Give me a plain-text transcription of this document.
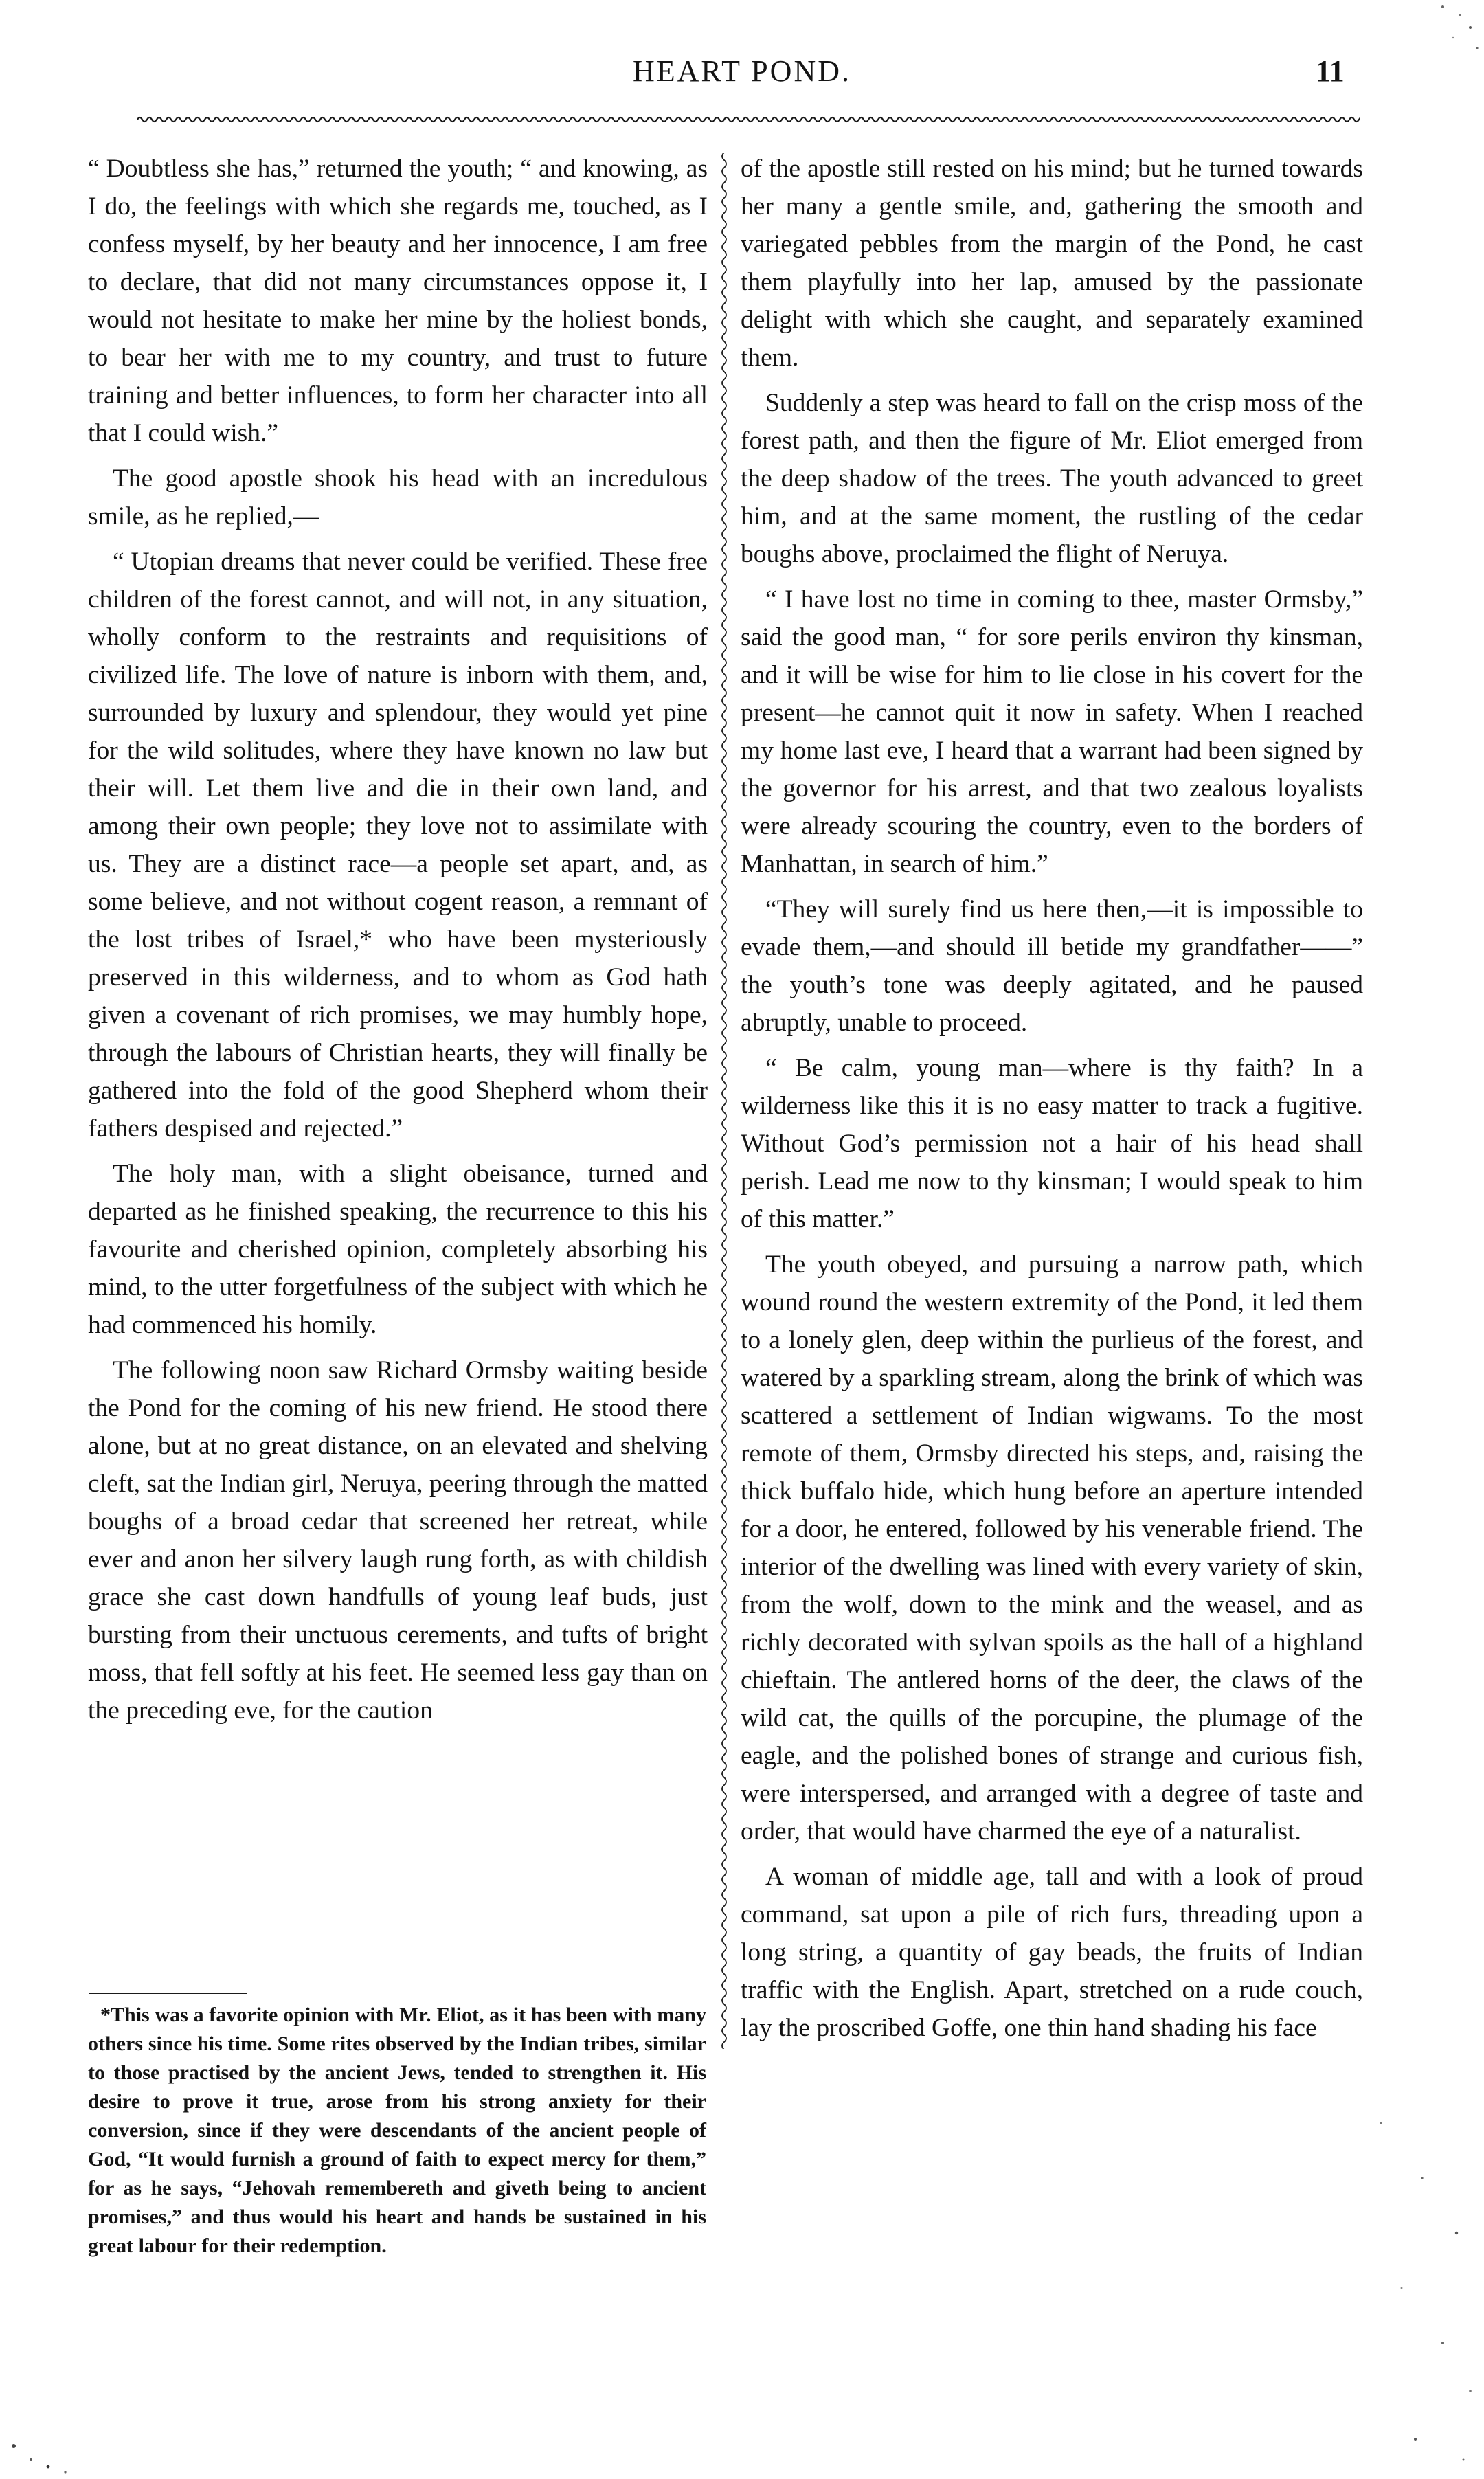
HEART POND.	11

“ Doubtless she has,” returned the youth; “ and knowing, as I do, the feelings with which she regards me, touched, as I confess myself, by her beauty and her innocence, I am free to declare, that did not many circumstances oppose it, I would not hesitate to make her mine by the holiest bonds, to bear her with me to my country, and trust to future training and better influences, to form her character into all that I could wish.”

The good apostle shook his head with an incredulous smile, as he replied,—

“ Utopian dreams that never could be verified. These free children of the forest cannot, and will not, in any situation, wholly conform to the restraints and requisitions of civilized life. The love of nature is inborn with them, and, surrounded by luxury and splendour, they would yet pine for the wild solitudes, where they have known no law but their will. Let them live and die in their own land, and among their own people; they love not to assimilate with us. They are a distinct race—a people set apart, and, as some believe, and not without cogent reason, a remnant of the lost tribes of Israel,* who have been mysteriously preserved in this wilderness, and to whom as God hath given a covenant of rich promises, we may humbly hope, through the labours of Christian hearts, they will finally be gathered into the fold of the good Shepherd whom their fathers despised and rejected.”

The holy man, with a slight obeisance, turned and departed as he finished speaking, the recurrence to this his favourite and cherished opinion, completely absorbing his mind, to the utter forgetfulness of the subject with which he had commenced his homily.

The following noon saw Richard Ormsby waiting beside the Pond for the coming of his new friend. He stood there alone, but at no great distance, on an elevated and shelving cleft, sat the Indian girl, Neruya, peering through the matted boughs of a broad cedar that screened her retreat, while ever and anon her silvery laugh rung forth, as with childish grace she cast down handfulls of young leaf buds, just bursting from their unctuous cerements, and tufts of bright moss, that fell softly at his feet. He seemed less gay than on the preceding eve, for the caution

of the apostle still rested on his mind; but he turned towards her many a gentle smile, and, gathering the smooth and variegated pebbles from the margin of the Pond, he cast them playfully into her lap, amused by the passionate delight with which she caught, and separately examined them.

Suddenly a step was heard to fall on the crisp moss of the forest path, and then the figure of Mr. Eliot emerged from the deep shadow of the trees. The youth advanced to greet him, and at the same moment, the rustling of the cedar boughs above, proclaimed the flight of Neruya.

“ I have lost no time in coming to thee, master Ormsby,” said the good man, “ for sore perils environ thy kinsman, and it will be wise for him to lie close in his covert for the present—he cannot quit it now in safety. When I reached my home last eve, I heard that a warrant had been signed by the governor for his arrest, and that two zealous loyalists were already scouring the country, even to the borders of Manhattan, in search of him.”

“They will surely find us here then,—it is impossible to evade them,—and should ill betide my grandfather——” the youth’s tone was deeply agitated, and he paused abruptly, unable to proceed.

“ Be calm, young man—where is thy faith? In a wilderness like this it is no easy matter to track a fugitive. Without God’s permission not a hair of his head shall perish. Lead me now to thy kinsman; I would speak to him of this matter.”

The youth obeyed, and pursuing a narrow path, which wound round the western extremity of the Pond, it led them to a lonely glen, deep within the purlieus of the forest, and watered by a sparkling stream, along the brink of which was scattered a settlement of Indian wigwams. To the most remote of them, Ormsby directed his steps, and, raising the thick buffalo hide, which hung before an aperture intended for a door, he entered, followed by his venerable friend. The interior of the dwelling was lined with every variety of skin, from the wolf, down to the mink and the weasel, and as richly decorated with sylvan spoils as the hall of a highland chieftain. The antlered horns of the deer, the claws of the wild cat, the quills of the porcupine, the plumage of the eagle, and the polished bones of strange and curious fish, were interspersed, and arranged with a degree of taste and order, that would have charmed the eye of a naturalist.

A woman of middle age, tall and with a look of proud command, sat upon a pile of rich furs, threading upon a long string, a quantity of gay beads, the fruits of Indian traffic with the English. Apart, stretched on a rude couch, lay the proscribed Goffe, one thin hand shading his face

*This was a favorite opinion with Mr. Eliot, as it has been with many others since his time. Some rites observed by the Indian tribes, similar to those practised by the ancient Jews, tended to strengthen it. His desire to prove it true, arose from his strong anxiety for their conversion, since if they were descendants of the ancient people of God, “It would furnish a ground of faith to expect mercy for them,” for as he says, “Jehovah remembereth and giveth being to ancient promises,” and thus would his heart and hands be sustained in his great labour for their redemption.
